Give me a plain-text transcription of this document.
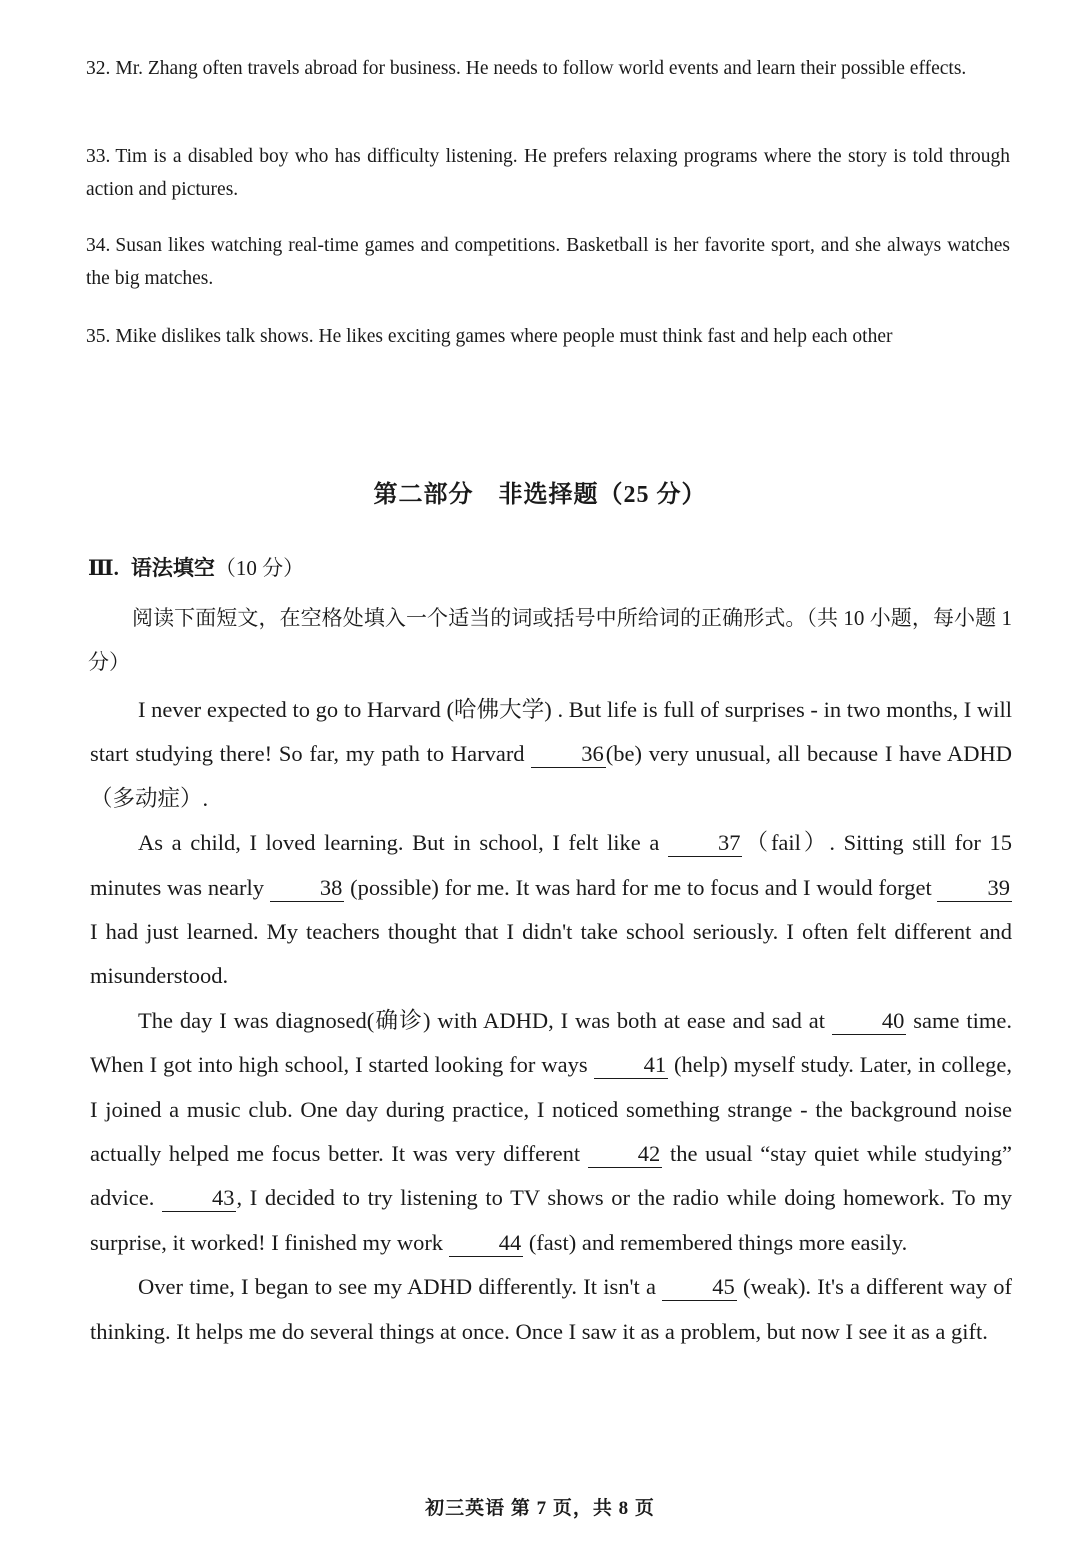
32. Mr. Zhang often travels abroad for business. He needs to follow world events and learn their possible effects.
33. Tim is a disabled boy who has difficulty listening. He prefers relaxing programs where the story is told through action and pictures.
34. Susan likes watching real-time games and competitions. Basketball is her favorite sport, and she always watches the big matches.
35. Mike dislikes talk shows. He likes exciting games where people must think fast and help each other
第二部分　非选择题（25 分）
Ⅲ. 语法填空（10 分）
阅读下面短文，在空格处填入一个适当的词或括号中所给词的正确形式。（共 10 小题，每小题 1 分）

I never expected to go to Harvard (哈佛大学) . But life is full of surprises - in two months, I will start studying there! So far, my path to Harvard 36(be) very unusual, all because I have ADHD（多动症）.

As a child, I loved learning. But in school, I felt like a 37（fail）. Sitting still for 15 minutes was nearly 38 (possible) for me. It was hard for me to focus and I would forget 39 I had just learned. My teachers thought that I didn't take school seriously. I often felt different and misunderstood.

The day I was diagnosed(确诊) with ADHD, I was both at ease and sad at 40 same time. When I got into high school, I started looking for ways 41 (help) myself study. Later, in college, I joined a music club. One day during practice, I noticed something strange - the background noise actually helped me focus better. It was very different 42 the usual “stay quiet while studying” advice. 43, I decided to try listening to TV shows or the radio while doing homework. To my surprise, it worked! I finished my work 44 (fast) and remembered things more easily.

Over time, I began to see my ADHD differently. It isn't a 45 (weak). It's a different way of thinking. It helps me do several things at once. Once I saw it as a problem, but now I see it as a gift.

初三英语 第 7 页，共 8 页
